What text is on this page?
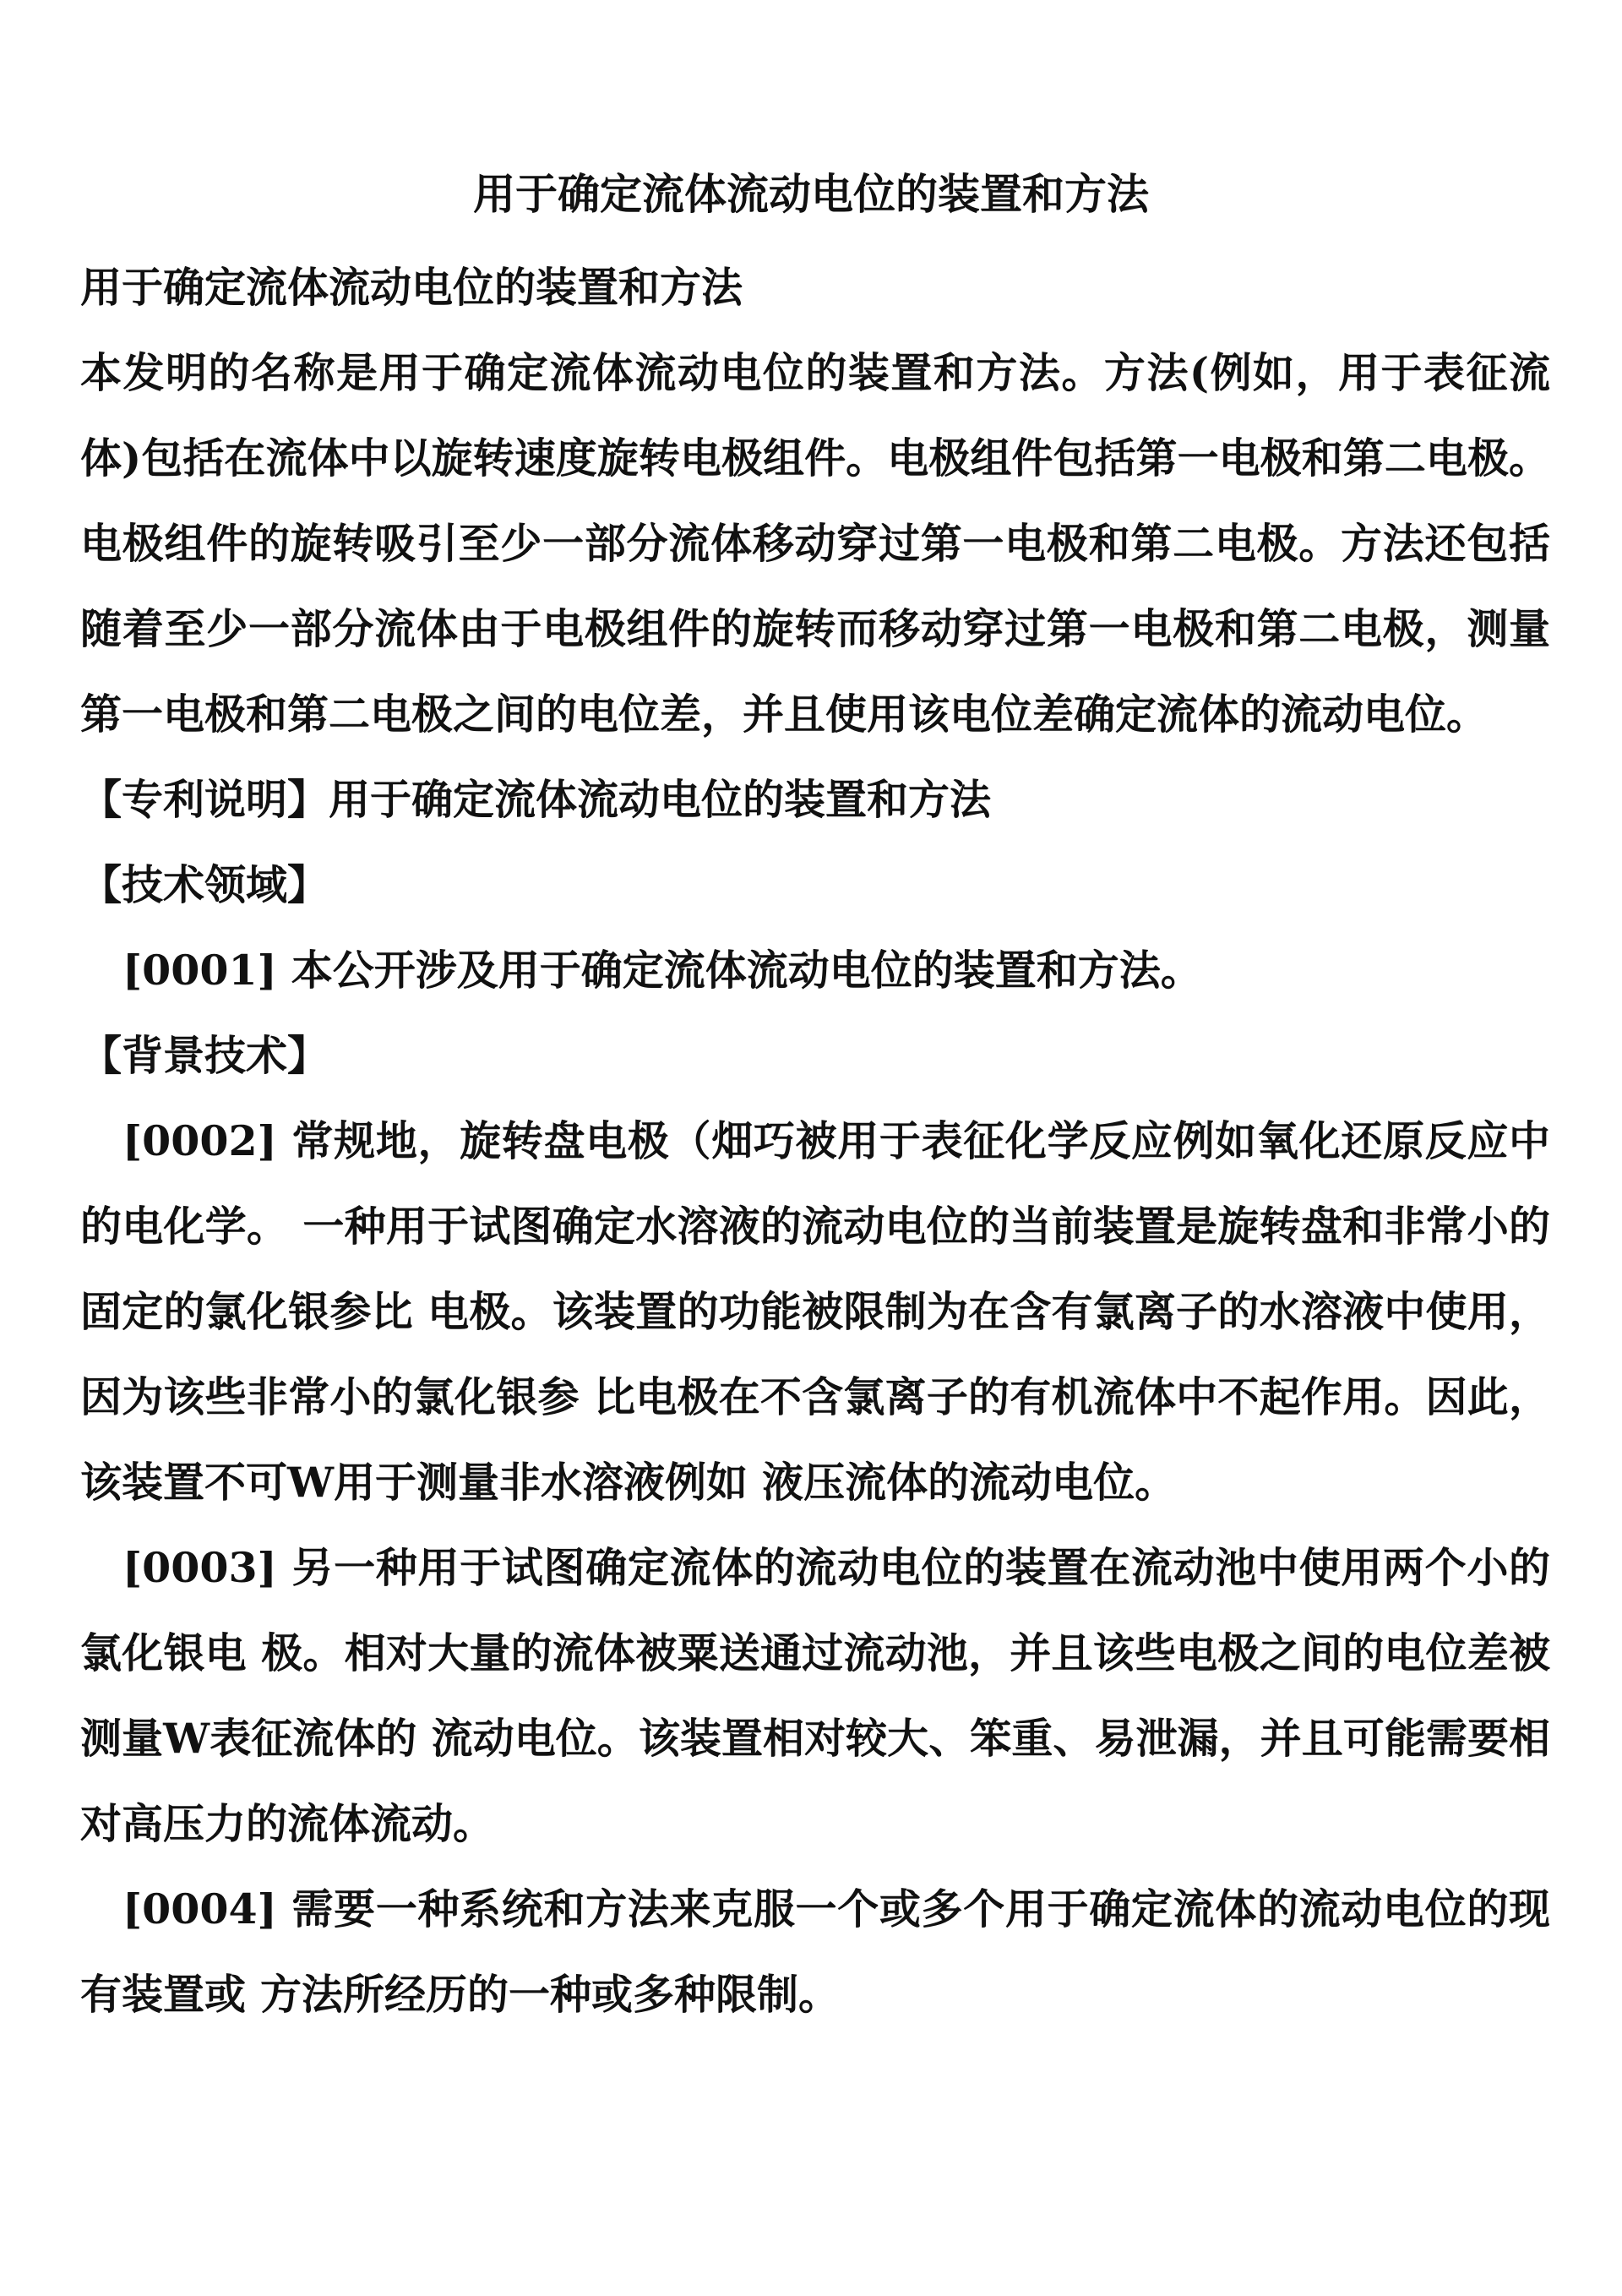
用于确定流体流动电位的装置和方法

用于确定流体流动电位的装置和方法

本发明的名称是用于确定流体流动电位的装置和方法。方法(例如，用于表征流体)包括在流体中以旋转速度旋转电极组件。电极组件包括第一电极和第二电极。电极组件的旋转吸引至少一部分流体移动穿过第一电极和第二电极。方法还包括随着至少一部分流体由于电极组件的旋转而移动穿过第一电极和第二电极，测量第一电极和第二电极之间的电位差，并且使用该电位差确定流体的流动电位。

【专利说明】用于确定流体流动电位的装置和方法

【技术领域】

[0001] 本公开涉及用于确定流体流动电位的装置和方法。

【背景技术】

[0002] 常规地，旋转盘电极（畑巧被用于表征化学反应例如氧化还原反应中的电化学。 一种用于试图确定水溶液的流动电位的当前装置是旋转盘和非常小的固定的氯化银参比 电极。该装置的功能被限制为在含有氯离子的水溶液中使用，因为该些非常小的氯化银参 比电极在不含氯离子的有机流体中不起作用。因此，该装置不可W用于测量非水溶液例如 液压流体的流动电位。

[0003] 另一种用于试图确定流体的流动电位的装置在流动池中使用两个小的氯化银电 极。相对大量的流体被粟送通过流动池，并且该些电极之间的电位差被测量W表征流体的 流动电位。该装置相对较大、笨重、易泄漏，并且可能需要相对高压力的流体流动。

[0004] 需要一种系统和方法来克服一个或多个用于确定流体的流动电位的现有装置或 方法所经历的一种或多种限制。
